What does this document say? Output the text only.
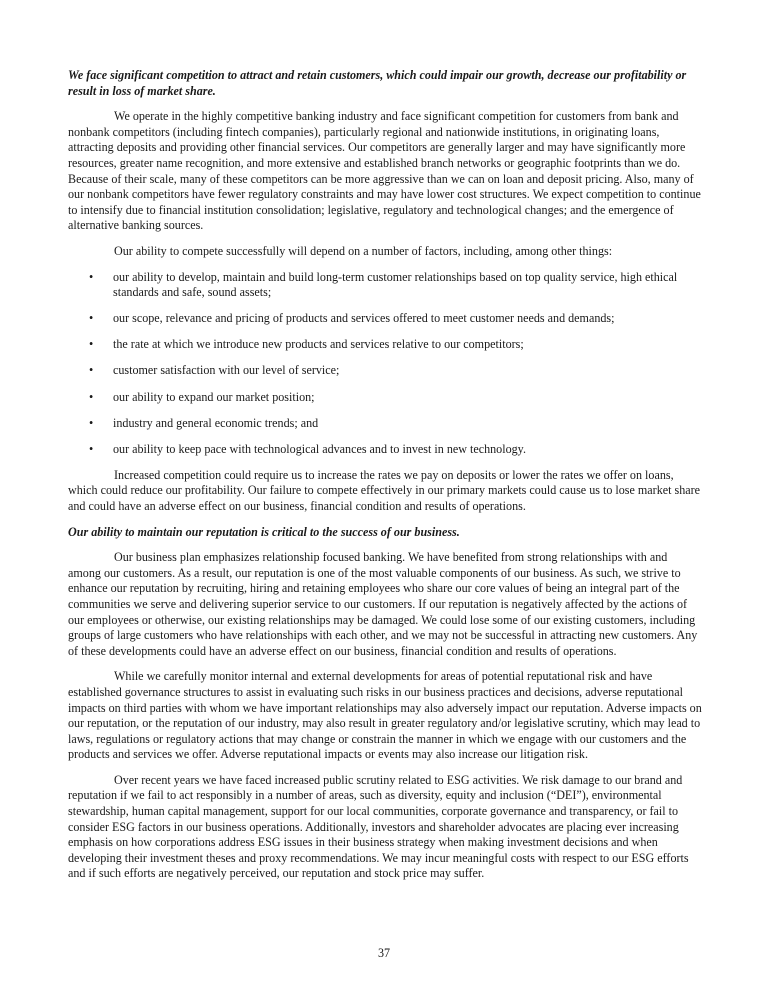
We face significant competition to attract and retain customers, which could impair our growth, decrease our profitability or result in loss of market share.

We operate in the highly competitive banking industry and face significant competition for customers from bank and nonbank competitors (including fintech companies), particularly regional and nationwide institutions, in originating loans, attracting deposits and providing other financial services. Our competitors are generally larger and may have significantly more resources, greater name recognition, and more extensive and established branch networks or geographic footprints than we do. Because of their scale, many of these competitors can be more aggressive than we can on loan and deposit pricing. Also, many of our nonbank competitors have fewer regulatory constraints and may have lower cost structures. We expect competition to continue to intensify due to financial institution consolidation; legislative, regulatory and technological changes; and the emergence of alternative banking sources.

Our ability to compete successfully will depend on a number of factors, including, among other things:

• our ability to develop, maintain and build long-term customer relationships based on top quality service, high ethical standards and safe, sound assets;
• our scope, relevance and pricing of products and services offered to meet customer needs and demands;
• the rate at which we introduce new products and services relative to our competitors;
• customer satisfaction with our level of service;
• our ability to expand our market position;
• industry and general economic trends; and
• our ability to keep pace with technological advances and to invest in new technology.

Increased competition could require us to increase the rates we pay on deposits or lower the rates we offer on loans, which could reduce our profitability. Our failure to compete effectively in our primary markets could cause us to lose market share and could have an adverse effect on our business, financial condition and results of operations.

Our ability to maintain our reputation is critical to the success of our business.

Our business plan emphasizes relationship focused banking. We have benefited from strong relationships with and among our customers. As a result, our reputation is one of the most valuable components of our business. As such, we strive to enhance our reputation by recruiting, hiring and retaining employees who share our core values of being an integral part of the communities we serve and delivering superior service to our customers. If our reputation is negatively affected by the actions of our employees or otherwise, our existing relationships may be damaged. We could lose some of our existing customers, including groups of large customers who have relationships with each other, and we may not be successful in attracting new customers. Any of these developments could have an adverse effect on our business, financial condition and results of operations.

While we carefully monitor internal and external developments for areas of potential reputational risk and have established governance structures to assist in evaluating such risks in our business practices and decisions, adverse reputational impacts on third parties with whom we have important relationships may also adversely impact our reputation. Adverse impacts on our reputation, or the reputation of our industry, may also result in greater regulatory and/or legislative scrutiny, which may lead to laws, regulations or regulatory actions that may change or constrain the manner in which we engage with our customers and the products and services we offer. Adverse reputational impacts or events may also increase our litigation risk.

Over recent years we have faced increased public scrutiny related to ESG activities. We risk damage to our brand and reputation if we fail to act responsibly in a number of areas, such as diversity, equity and inclusion (“DEI”), environmental stewardship, human capital management, support for our local communities, corporate governance and transparency, or fail to consider ESG factors in our business operations. Additionally, investors and shareholder advocates are placing ever increasing emphasis on how corporations address ESG issues in their business strategy when making investment decisions and when developing their investment theses and proxy recommendations. We may incur meaningful costs with respect to our ESG efforts and if such efforts are negatively perceived, our reputation and stock price may suffer.

37
